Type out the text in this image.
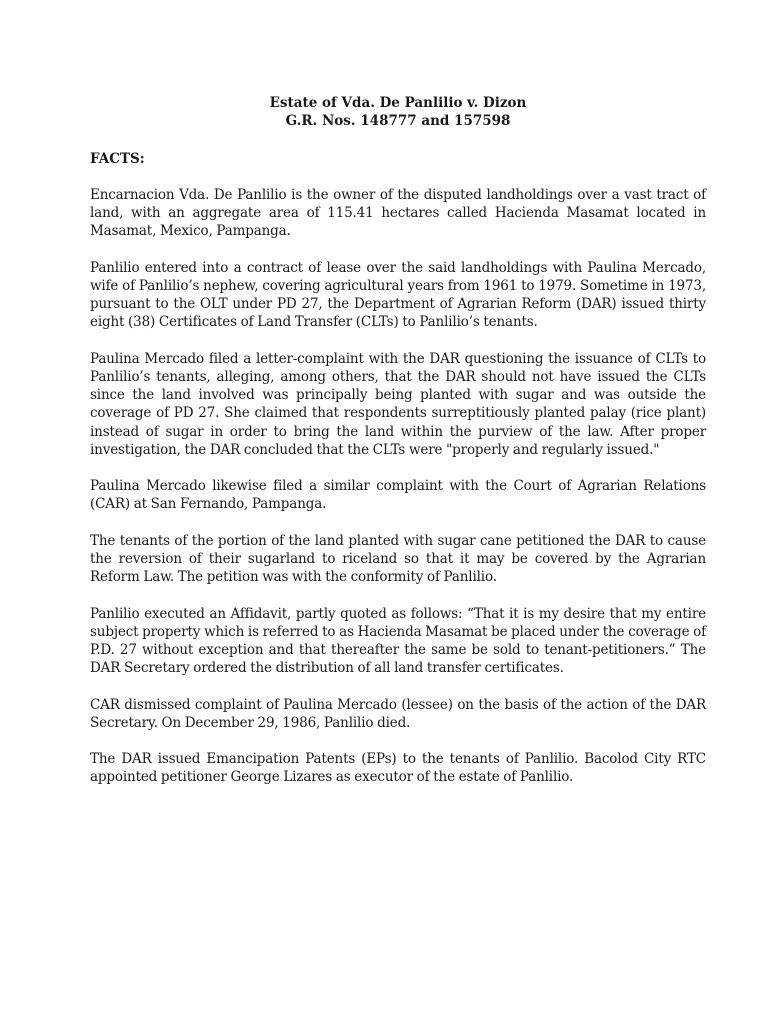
Estate of Vda. De Panlilio v. Dizon
G.R. Nos. 148777 and 157598
FACTS:

Encarnacion Vda. De Panlilio is the owner of the disputed landholdings over a vast tract of land, with an aggregate area of 115.41 hectares called Hacienda Masamat located in Masamat, Mexico, Pampanga.

Panlilio entered into a contract of lease over the said landholdings with Paulina Mercado, wife of Panlilio’s nephew, covering agricultural years from 1961 to 1979. Sometime in 1973, pursuant to the OLT under PD 27, the Department of Agrarian Reform (DAR) issued thirty eight (38) Certificates of Land Transfer (CLTs) to Panlilio’s tenants.

Paulina Mercado filed a letter-complaint with the DAR questioning the issuance of CLTs to Panlilio’s tenants, alleging, among others, that the DAR should not have issued the CLTs since the land involved was principally being planted with sugar and was outside the coverage of PD 27. She claimed that respondents surreptitiously planted palay (rice plant) instead of sugar in order to bring the land within the purview of the law. After proper investigation, the DAR concluded that the CLTs were "properly and regularly issued."

Paulina Mercado likewise filed a similar complaint with the Court of Agrarian Relations (CAR) at San Fernando, Pampanga.

The tenants of the portion of the land planted with sugar cane petitioned the DAR to cause the reversion of their sugarland to riceland so that it may be covered by the Agrarian Reform Law. The petition was with the conformity of Panlilio.

Panlilio executed an Affidavit, partly quoted as follows: “That it is my desire that my entire subject property which is referred to as Hacienda Masamat be placed under the coverage of P.D. 27 without exception and that thereafter the same be sold to tenant-petitioners.” The DAR Secretary ordered the distribution of all land transfer certificates.

CAR dismissed complaint of Paulina Mercado (lessee) on the basis of the action of the DAR Secretary. On December 29, 1986, Panlilio died.

The DAR issued Emancipation Patents (EPs) to the tenants of Panlilio. Bacolod City RTC appointed petitioner George Lizares as executor of the estate of Panlilio.
